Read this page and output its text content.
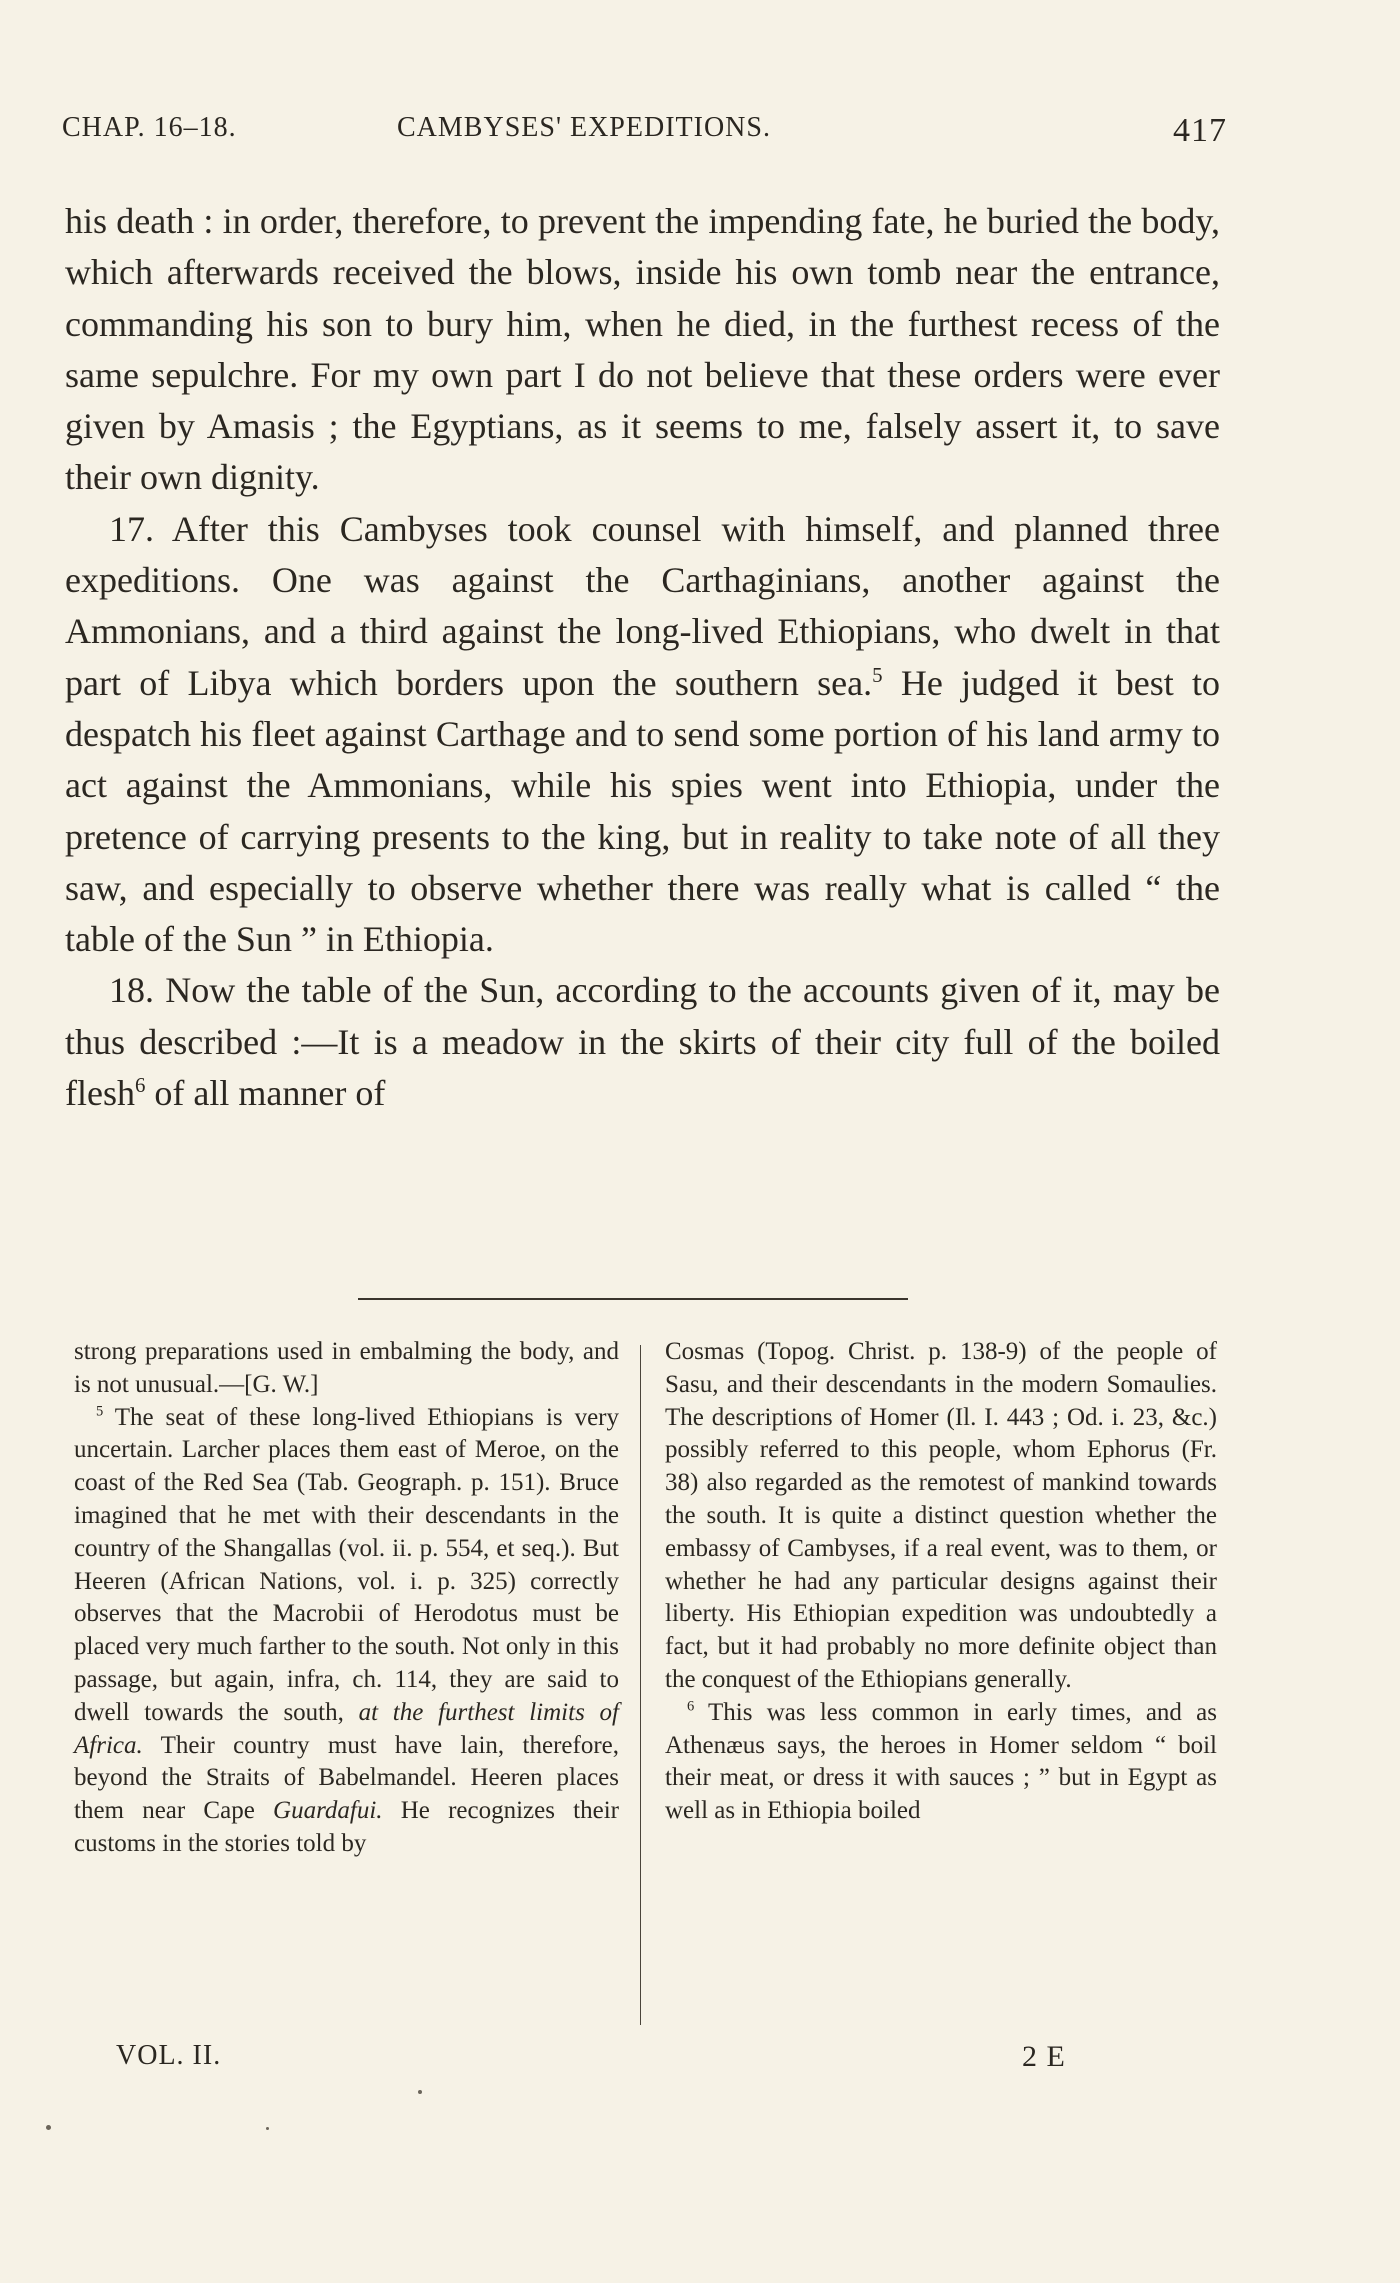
CHAP. 16–18.	CAMBYSES' EXPEDITIONS.	417

his death : in order, therefore, to prevent the impending fate, he buried the body, which afterwards received the blows, inside his own tomb near the entrance, commanding his son to bury him, when he died, in the furthest recess of the same sepulchre. For my own part I do not believe that these orders were ever given by Amasis ; the Egyptians, as it seems to me, falsely assert it, to save their own dignity.

17. After this Cambyses took counsel with himself, and planned three expeditions. One was against the Carthaginians, another against the Ammonians, and a third against the long-lived Ethiopians, who dwelt in that part of Libya which borders upon the southern sea.$^5$ He judged it best to despatch his fleet against Carthage and to send some portion of his land army to act against the Ammonians, while his spies went into Ethiopia, under the pretence of carrying presents to the king, but in reality to take note of all they saw, and especially to observe whether there was really what is called “ the table of the Sun ” in Ethiopia.

18. Now the table of the Sun, according to the accounts given of it, may be thus described :—It is a meadow in the skirts of their city full of the boiled flesh$^6$ of all manner of

strong preparations used in embalming the body, and is not unusual.—[G. W.]

$^5$ The seat of these long-lived Ethiopians is very uncertain. Larcher places them east of Meroe, on the coast of the Red Sea (Tab. Geograph. p. 151). Bruce imagined that he met with their descendants in the country of the Shangallas (vol. ii. p. 554, et seq.). But Heeren (African Nations, vol. i. p. 325) correctly observes that the Macrobii of Herodotus must be placed very much farther to the south. Not only in this passage, but again, infra, ch. 114, they are said to dwell towards the south, at the furthest limits of Africa. Their country must have lain, therefore, beyond the Straits of Babelmandel. Heeren places them near Cape Guardafui. He recognizes their customs in the stories told by

Cosmas (Topog. Christ. p. 138-9) of the people of Sasu, and their descendants in the modern Somaulies. The descriptions of Homer (Il. I. 443 ; Od. i. 23, &c.) possibly referred to this people, whom Ephorus (Fr. 38) also regarded as the remotest of mankind towards the south. It is quite a distinct question whether the embassy of Cambyses, if a real event, was to them, or whether he had any particular designs against their liberty. His Ethiopian expedition was undoubtedly a fact, but it had probably no more definite object than the conquest of the Ethiopians generally.

$^6$ This was less common in early times, and as Athenæus says, the heroes in Homer seldom “ boil their meat, or dress it with sauces ; ” but in Egypt as well as in Ethiopia boiled

VOL. II.	2 E
